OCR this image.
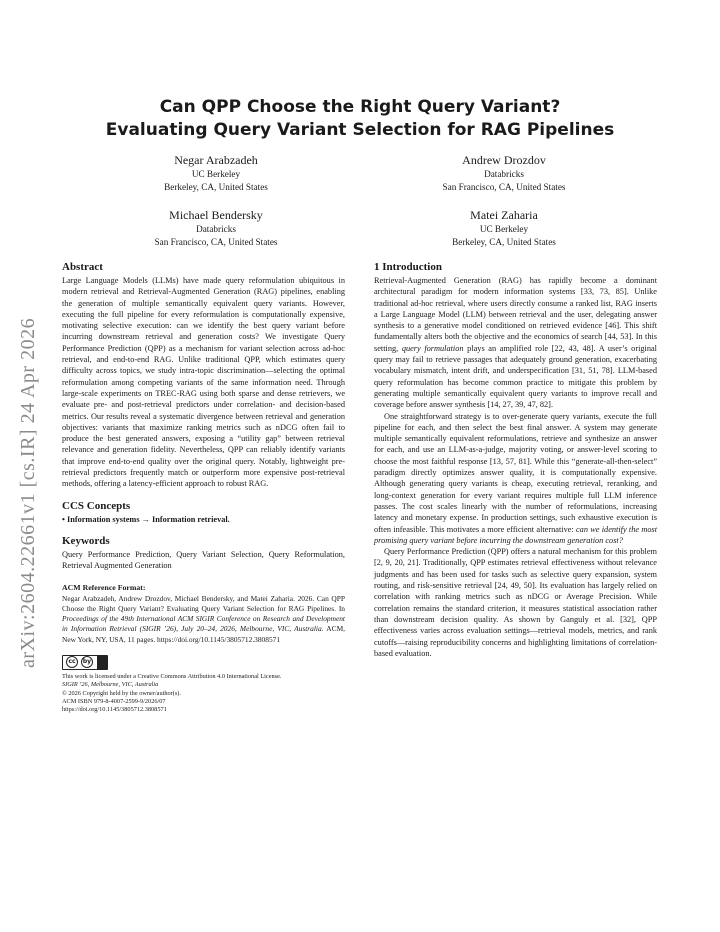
arXiv:2604.22661v1 [cs.IR] 24 Apr 2026
Can QPP Choose the Right Query Variant?
Evaluating Query Variant Selection for RAG Pipelines
Negar Arabzadeh
UC Berkeley
Berkeley, CA, United States
Andrew Drozdov
Databricks
San Francisco, CA, United States
Michael Bendersky
Databricks
San Francisco, CA, United States
Matei Zaharia
UC Berkeley
Berkeley, CA, United States
Abstract

Large Language Models (LLMs) have made query reformulation ubiquitous in modern retrieval and Retrieval-Augmented Generation (RAG) pipelines, enabling the generation of multiple semantically equivalent query variants. However, executing the full pipeline for every reformulation is computationally expensive, motivating selective execution: can we identify the best query variant before incurring downstream retrieval and generation costs? We investigate Query Performance Prediction (QPP) as a mechanism for variant selection across ad-hoc retrieval, and end-to-end RAG. Unlike traditional QPP, which estimates query difficulty across topics, we study intra-topic discrimination—selecting the optimal reformulation among competing variants of the same information need. Through large-scale experiments on TREC-RAG using both sparse and dense retrievers, we evaluate pre- and post-retrieval predictors under correlation- and decision-based metrics. Our results reveal a systematic divergence between retrieval and generation objectives: variants that maximize ranking metrics such as nDCG often fail to produce the best generated answers, exposing a “utility gap” between retrieval relevance and generation fidelity. Nevertheless, QPP can reliably identify variants that improve end-to-end quality over the original query. Notably, lightweight pre-retrieval predictors frequently match or outperform more expensive post-retrieval methods, offering a latency-efficient approach to robust RAG.

CCS Concepts

• Information systems → Information retrieval.

Keywords

Query Performance Prediction, Query Variant Selection, Query Reformulation, Retrieval Augmented Generation

ACM Reference Format:

Negar Arabzadeh, Andrew Drozdov, Michael Bendersky, and Matei Zaharia. 2026. Can QPP Choose the Right Query Variant? Evaluating Query Variant Selection for RAG Pipelines. In Proceedings of the 49th International ACM SIGIR Conference on Research and Development in Information Retrieval (SIGIR ’26), July 20–24, 2026, Melbourne, VIC, Australia. ACM, New York, NY, USA, 11 pages. https://doi.org/10.1145/3805712.3808571

cc	by
This work is licensed under a Creative Commons Attribution 4.0 International License.
SIGIR ’26, Melbourne, VIC, Australia
© 2026 Copyright held by the owner/author(s).
ACM ISBN 979-8-4007-2599-9/2026/07
https://doi.org/10.1145/3805712.3808571
1 Introduction

Retrieval-Augmented Generation (RAG) has rapidly become a dominant architectural paradigm for modern information systems [33, 73, 85]. Unlike traditional ad-hoc retrieval, where users directly consume a ranked list, RAG inserts a Large Language Model (LLM) between retrieval and the user, delegating answer synthesis to a generative model conditioned on retrieved evidence [46]. This shift fundamentally alters both the objective and the economics of search [44, 53]. In this setting, query formulation plays an amplified role [22, 43, 48]. A user’s original query may fail to retrieve passages that adequately ground generation, exacerbating vocabulary mismatch, intent drift, and underspecification [31, 51, 78]. LLM-based query reformulation has become common practice to mitigate this problem by generating multiple semantically equivalent query variants to improve recall and coverage before answer synthesis [14, 27, 39, 47, 82].

One straightforward strategy is to over-generate query variants, execute the full pipeline for each, and then select the best final answer. A system may generate multiple semantically equivalent reformulations, retrieve and synthesize an answer for each, and use an LLM-as-a-judge, majority voting, or answer-level scoring to choose the most faithful response [13, 57, 81]. While this “generate-all-then-select” paradigm directly optimizes answer quality, it is computationally expensive. Although generating query variants is cheap, executing retrieval, reranking, and long-context generation for every variant requires multiple full LLM inference passes. The cost scales linearly with the number of reformulations, increasing latency and monetary expense. In production settings, such exhaustive execution is often infeasible. This motivates a more efficient alternative: can we identify the most promising query variant before incurring the downstream generation cost?

Query Performance Prediction (QPP) offers a natural mechanism for this problem [2, 9, 20, 21]. Traditionally, QPP estimates retrieval effectiveness without relevance judgments and has been used for tasks such as selective query expansion, system routing, and risk-sensitive retrieval [24, 49, 50]. Its evaluation has largely relied on correlation with ranking metrics such as nDCG or Average Precision. While correlation remains the standard criterion, it measures statistical association rather than downstream decision quality. As shown by Ganguly et al. [32], QPP effectiveness varies across evaluation settings—retrieval models, metrics, and rank cutoffs—raising reproducibility concerns and highlighting limitations of correlation-based evaluation.
